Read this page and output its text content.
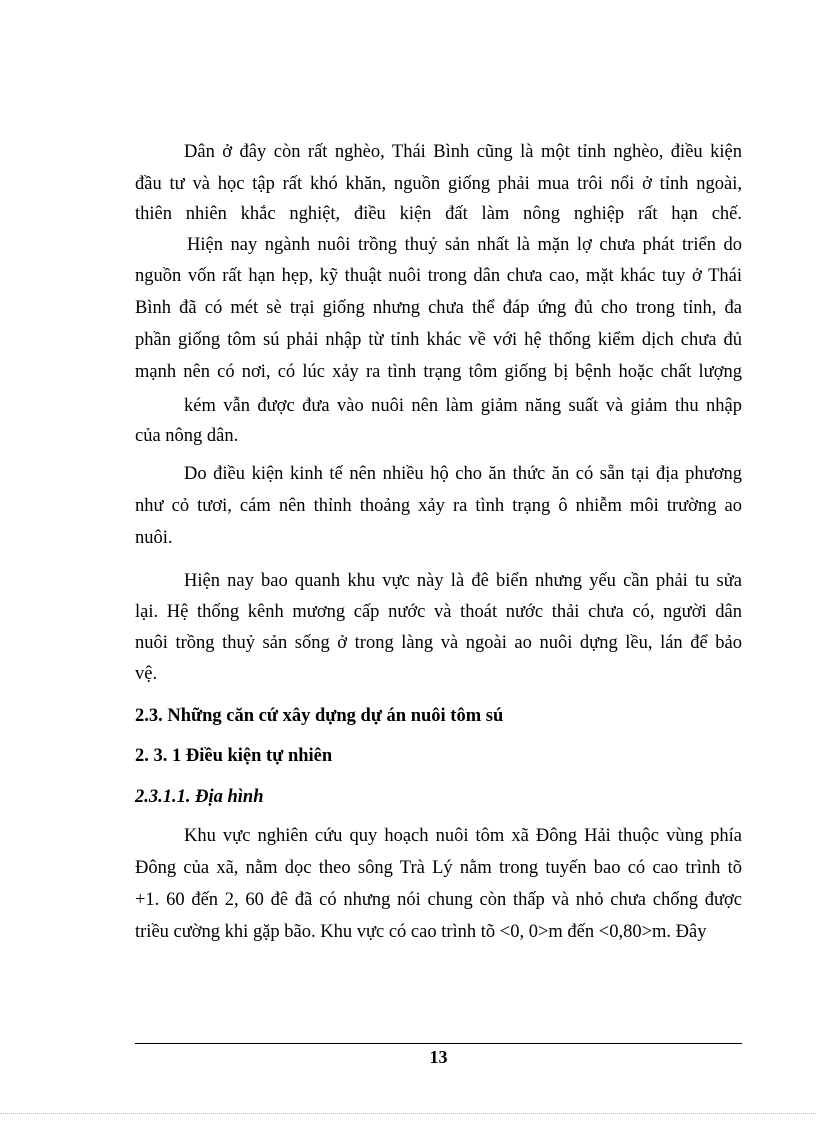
Dân ở đây còn rất nghèo, Thái Bình cũng là một tỉnh nghèo, điều kiện
đầu tư và học tập rất khó khăn, nguồn giống phải mua trôi nổi ở tỉnh ngoài,
thiên nhiên khắc nghiệt, điều kiện đất làm nông nghiệp rất hạn chế.
Hiện nay ngành nuôi trồng thuỷ sản nhất là mặn lợ chưa phát triển do
nguồn vốn rất hạn hẹp, kỹ thuật nuôi trong dân chưa cao, mặt khác tuy ở Thái
Bình đã có mét sè trại giống nhưng chưa thể đáp ứng đủ cho trong tỉnh, đa
phần giống tôm sú phải nhập từ tỉnh khác về với hệ thống kiểm dịch chưa đủ
mạnh nên có nơi, có lúc xảy ra tình trạng tôm giống bị bệnh hoặc chất lượng
kém vẫn được đưa vào nuôi nên làm giảm năng suất và giảm thu nhập
của nông dân.
Do điều kiện kinh tế nên nhiều hộ cho ăn thức ăn có sẵn tại địa phương
như cỏ tươi, cám nên thỉnh thoảng xảy ra tình trạng ô nhiễm môi trường ao
nuôi.
Hiện nay bao quanh khu vực này là đê biển nhưng yếu cần phải tu sửa
lại. Hệ thống kênh mương cấp nước và thoát nước thải chưa có, người dân
nuôi trồng thuỷ sản sống ở trong làng và ngoài ao nuôi dựng lều, lán để bảo
vệ.
2.3. Những căn cứ xây dựng dự án nuôi tôm sú
2. 3. 1 Điều kiện tự nhiên
2.3.1.1. Địa hình
Khu vực nghiên cứu quy hoạch nuôi tôm xã Đông Hải thuộc vùng phía
Đông của xã, nằm dọc theo sông Trà Lý nằm trong tuyến bao có cao trình tõ
+1. 60 đến 2, 60 đê đã có nhưng nói chung còn thấp và nhỏ chưa chống được
triều cường khi gặp bão. Khu vực có cao trình tõ <0, 0>m đến <0,80>m. Đây
13
